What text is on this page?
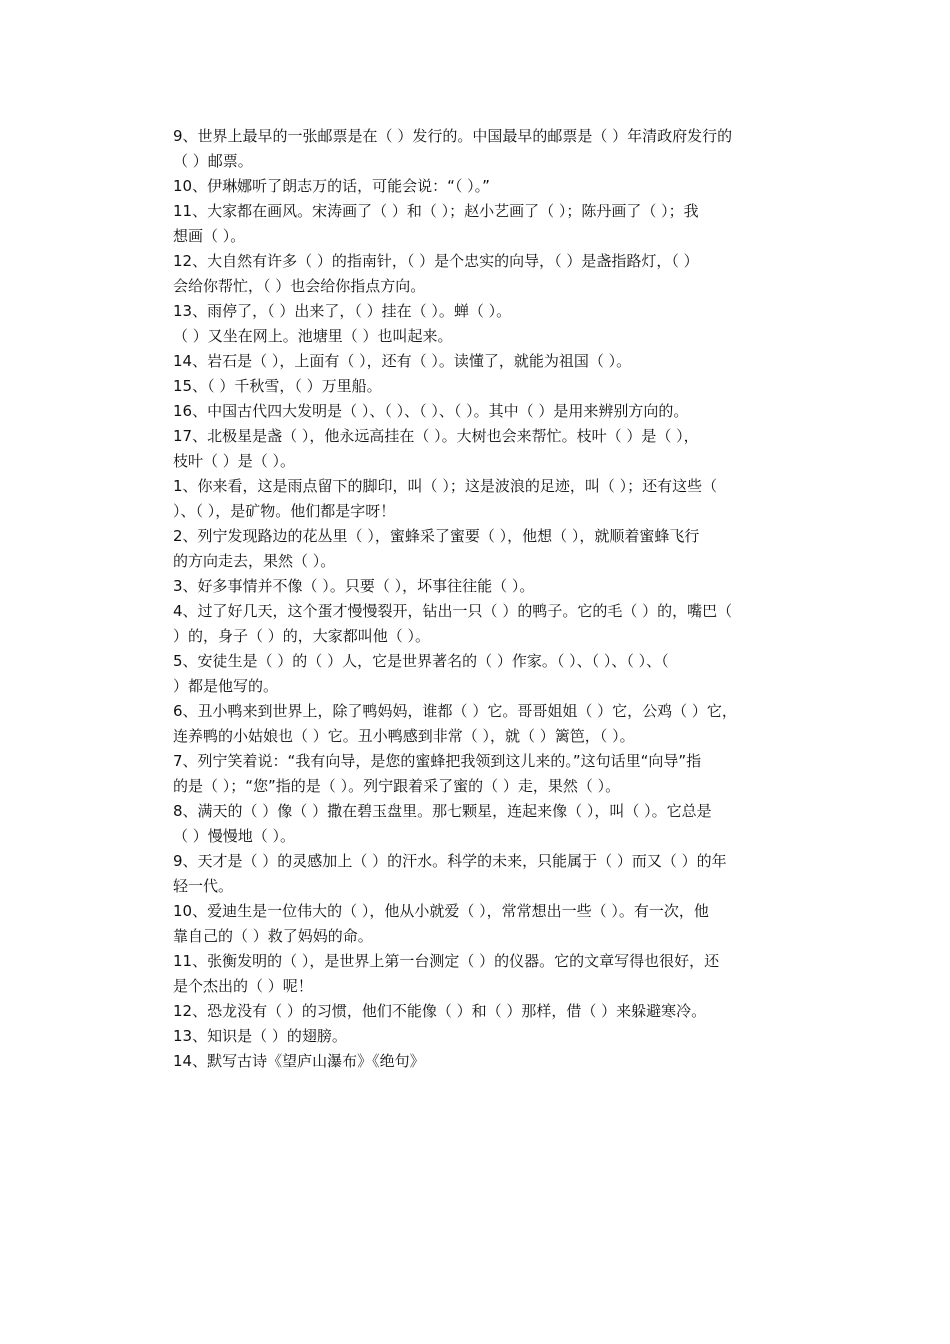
9、世界上最早的一张邮票是在（ ）发行的。中国最早的邮票是（ ）年清政府发行的
（ ）邮票。
10、伊琳娜听了朗志万的话，可能会说：“（ ）。”
11、大家都在画风。宋涛画了（ ）和（ ）；赵小艺画了（ ）；陈丹画了（ ）；我
想画（ ）。
12、大自然有许多（ ）的指南针，（ ）是个忠实的向导，（ ）是盏指路灯，（ ）
会给你帮忙，（ ）也会给你指点方向。
13、雨停了，（ ）出来了，（ ）挂在（ ）。蝉（ ）。
（ ）又坐在网上。池塘里（ ）也叫起来。
14、岩石是（ ），上面有（ ），还有（ ）。读懂了，就能为祖国（ ）。
15、（ ）千秋雪，（ ）万里船。
16、中国古代四大发明是（ ）、（ ）、（ ）、（ ）。其中（ ）是用来辨别方向的。
17、北极星是盏（ ），他永远高挂在（ ）。大树也会来帮忙。枝叶（ ）是（ ），
枝叶（ ）是（ ）。
1、你来看，这是雨点留下的脚印，叫（ ）；这是波浪的足迹，叫（ ）；还有这些（
）、（ ），是矿物。他们都是字呀！
2、列宁发现路边的花丛里（ ），蜜蜂采了蜜要（ ），他想（ ），就顺着蜜蜂飞行
的方向走去，果然（ ）。
3、好多事情并不像（ ）。只要（ ），坏事往往能（ ）。
4、过了好几天，这个蛋才慢慢裂开，钻出一只（ ）的鸭子。它的毛（ ）的，嘴巴（
）的，身子（ ）的，大家都叫他（ ）。
5、安徒生是（ ）的（ ）人，它是世界著名的（ ）作家。（ ）、（ ）、（ ）、（
）都是他写的。
6、丑小鸭来到世界上，除了鸭妈妈，谁都（ ）它。哥哥姐姐（ ）它，公鸡（ ）它，
连养鸭的小姑娘也（ ）它。丑小鸭感到非常（ ），就（ ）篱笆，（ ）。
7、列宁笑着说：“我有向导，是您的蜜蜂把我领到这儿来的。”这句话里“向导”指
的是（ ）；“您”指的是（ ）。列宁跟着采了蜜的（ ）走，果然（ ）。
8、满天的（ ）像（ ）撒在碧玉盘里。那七颗星，连起来像（ ），叫（ ）。它总是
（ ）慢慢地（ ）。
9、天才是（ ）的灵感加上（ ）的汗水。科学的未来，只能属于（ ）而又（ ）的年
轻一代。
10、爱迪生是一位伟大的（ ），他从小就爱（ ），常常想出一些（ ）。有一次，他
靠自己的（ ）救了妈妈的命。
11、张衡发明的（ ），是世界上第一台测定（ ）的仪器。它的文章写得也很好，还
是个杰出的（ ）呢！
12、恐龙没有（ ）的习惯，他们不能像（ ）和（ ）那样，借（ ）来躲避寒冷。
13、知识是（ ）的翅膀。
14、默写古诗《望庐山瀑布》《绝句》
